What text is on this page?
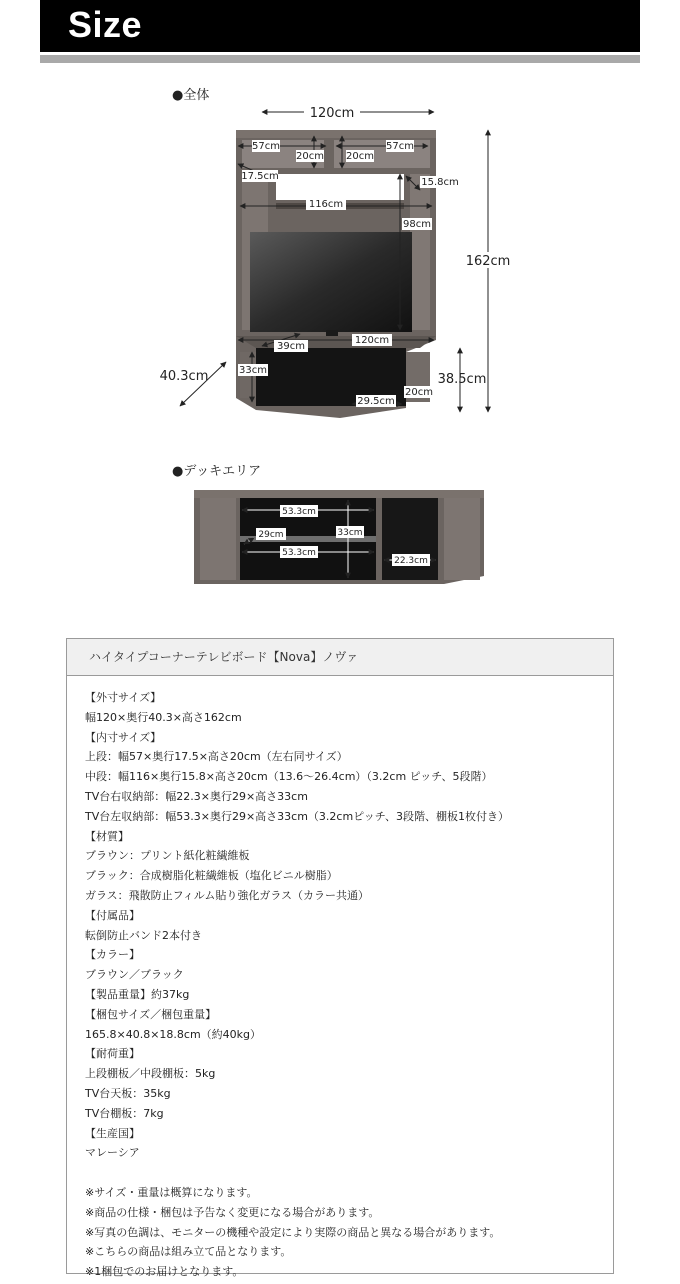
Size
●全体
120cm
162cm
40.3cm	38.5cm
57cm	57cm
20cm 20cm
17.5cm
15.8cm
116cm
98cm
120cm
39cm
33cm
29.5cm
20cm
●デッキエリア
53.3cm
53.3cm
33cm
29cm
22.3cm
ハイタイプコーナーテレビボード【Nova】ノヴァ
【外寸サイズ】
幅120×奥行40.3×高さ162cm
【内寸サイズ】
上段：幅57×奥行17.5×高さ20cm（左右同サイズ）
中段：幅116×奥行15.8×高さ20cm（13.6～26.4cm）（3.2cm ピッチ、5段階）
TV台右収納部：幅22.3×奥行29×高さ33cm
TV台左収納部：幅53.3×奥行29×高さ33cm（3.2cmピッチ、3段階、棚板1枚付き）
【材質】
ブラウン：プリント紙化粧繊維板
ブラック：合成樹脂化粧繊維板（塩化ビニル樹脂）
ガラス：飛散防止フィルム貼り強化ガラス（カラー共通）
【付属品】
転倒防止バンド2本付き
【カラー】
ブラウン／ブラック
【製品重量】約37kg
【梱包サイズ／梱包重量】
165.8×40.8×18.8cm（約40kg）
【耐荷重】
上段棚板／中段棚板：5kg
TV台天板：35kg
TV台棚板：7kg
【生産国】
マレーシア
※サイズ・重量は概算になります。
※商品の仕様・梱包は予告なく変更になる場合があります。
※写真の色調は、モニターの機種や設定により実際の商品と異なる場合があります。
※こちらの商品は組み立て品となります。
※1梱包でのお届けとなります。
